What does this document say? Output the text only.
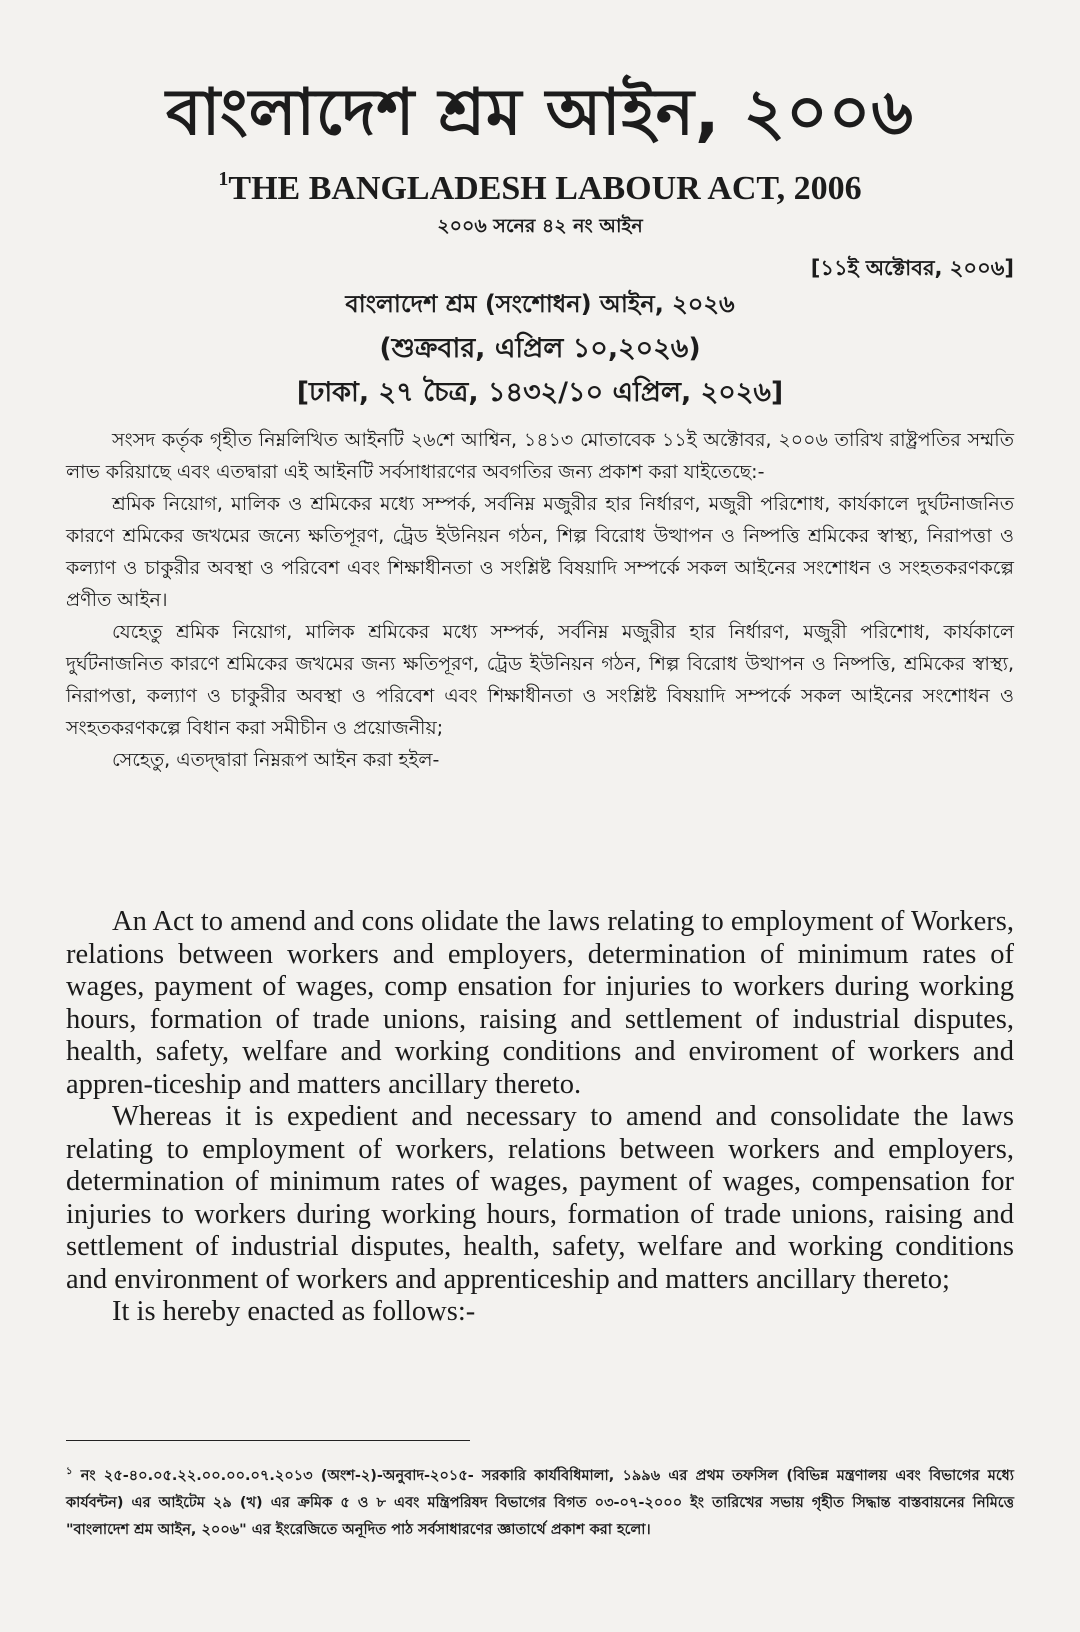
বাংলাদেশ শ্রম আইন, ২০০৬
$^1$THE BANGLADESH LABOUR ACT, 2006
২০০৬ সনের ৪২ নং আইন
[১১ই অক্টোবর, ২০০৬]
বাংলাদেশ শ্রম (সংশোধন) আইন, ২০২৬
(শুক্রবার, এপ্রিল ১০,২০২৬)
[ঢাকা, ২৭ চৈত্র, ১৪৩২/১০ এপ্রিল, ২০২৬]

সংসদ কর্তৃক গৃহীত নিম্নলিখিত আইনটি ২৬শে আশ্বিন, ১৪১৩ মোতাবেক ১১ই অক্টোবর, ২০০৬ তারিখ রাষ্ট্রপতির সম্মতি লাভ করিয়াছে এবং এতদ্বারা এই আইনটি সর্বসাধারণের অবগতির জন্য প্রকাশ করা যাইতেছে:-

শ্রমিক নিয়োগ, মালিক ও শ্রমিকের মধ্যে সম্পর্ক, সর্বনিম্ন মজুরীর হার নির্ধারণ, মজুরী পরিশোধ, কার্যকালে দুর্ঘটনাজনিত কারণে শ্রমিকের জখমের জন্যে ক্ষতিপূরণ, ট্রেড ইউনিয়ন গঠন, শিল্প বিরোধ উত্থাপন ও নিষ্পত্তি শ্রমিকের স্বাস্থ্য, নিরাপত্তা ও কল্যাণ ও চাকুরীর অবস্থা ও পরিবেশ এবং শিক্ষাধীনতা ও সংশ্লিষ্ট বিষয়াদি সম্পর্কে সকল আইনের সংশোধন ও সংহতকরণকল্পে প্রণীত আইন।

যেহেতু শ্রমিক নিয়োগ, মালিক শ্রমিকের মধ্যে সম্পর্ক, সর্বনিম্ন মজুরীর হার নির্ধারণ, মজুরী পরিশোধ, কার্যকালে দুর্ঘটনাজনিত কারণে শ্রমিকের জখমের জন্য ক্ষতিপূরণ, ট্রেড ইউনিয়ন গঠন, শিল্প বিরোধ উত্থাপন ও নিষ্পত্তি, শ্রমিকের স্বাস্থ্য, নিরাপত্তা, কল্যাণ ও চাকুরীর অবস্থা ও পরিবেশ এবং শিক্ষাধীনতা ও সংশ্লিষ্ট বিষয়াদি সম্পর্কে সকল আইনের সংশোধন ও সংহতকরণকল্পে বিধান করা সমীচীন ও প্রয়োজনীয়;

সেহেতু, এতদ্দ্বারা নিম্নরূপ আইন করা হইল-

An Act to amend and cons olidate the laws relating to employment of Workers, relations between workers and employers, determination of minimum rates of wages, payment of wages, comp ensation for injuries to workers during working hours, formation of trade unions, raising and settlement of industrial disputes, health, safety, welfare and working conditions and enviroment of workers and appren-ticeship and matters ancillary thereto.

Whereas it is expedient and necessary to amend and consolidate the laws relating to employment of workers, relations between workers and employers, determination of minimum rates of wages, payment of wages, compensation for injuries to workers during working hours, formation of trade unions, raising and settlement of industrial disputes, health, safety, welfare and working conditions and environment of workers and apprenticeship and matters ancillary thereto;

It is hereby enacted as follows:-

$^১$ নং ২৫-৪০.০৫.২২.০০.০০.০৭.২০১৩ (অংশ-২)-অনুবাদ-২০১৫- সরকারি কার্যবিধিমালা, ১৯৯৬ এর প্রথম তফসিল (বিভিন্ন মন্ত্রণালয় এবং বিভাগের মধ্যে কার্যবন্টন) এর আইটেম ২৯ (খ) এর ক্রমিক ৫ ও ৮ এবং মন্ত্রিপরিষদ বিভাগের বিগত ০৩-০৭-২০০০ ইং তারিখের সভায় গৃহীত সিদ্ধান্ত বাস্তবায়নের নিমিত্তে "বাংলাদেশ শ্রম আইন, ২০০৬" এর ইংরেজিতে অনূদিত পাঠ সর্বসাধারণের জ্ঞাতার্থে প্রকাশ করা হলো।
